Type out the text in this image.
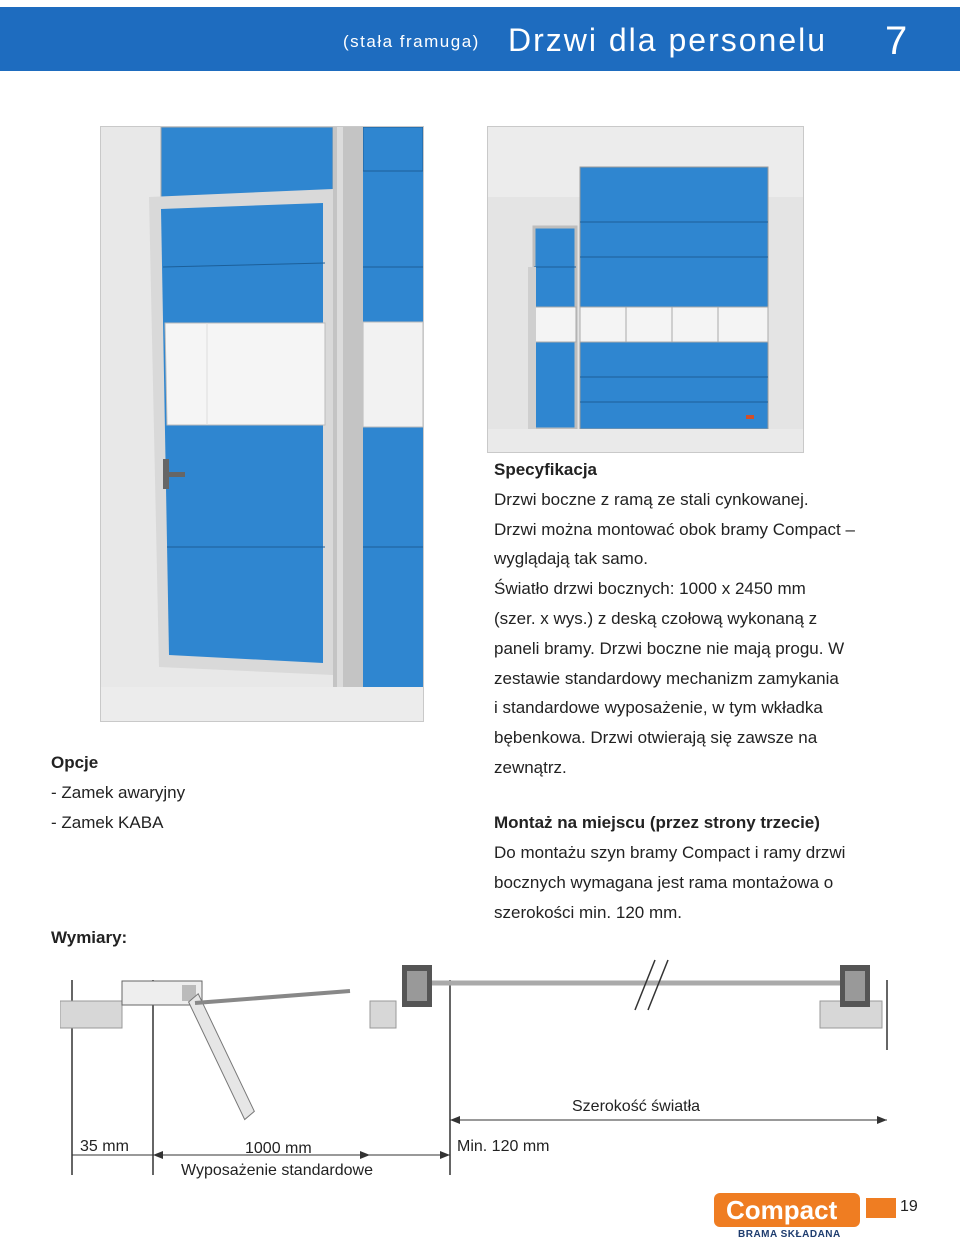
(stała framuga) Drzwi dla personelu 7
Specyfikacja
Drzwi boczne z ramą ze stali cynkowanej.
Drzwi można montować obok bramy Compact –
wyglądają tak samo.
Światło drzwi bocznych: 1000 x 2450 mm
(szer. x wys.) z deską czołową wykonaną z
paneli bramy. Drzwi boczne nie mają progu. W
zestawie standardowy mechanizm zamykania
i standardowe wyposażenie, w tym wkładka
bębenkowa. Drzwi otwierają się zawsze na
zewnątrz.
Montaż na miejscu (przez strony trzecie)
Do montażu szyn bramy Compact i ramy drzwi
bocznych wymagana jest rama montażowa o
szerokości min. 120 mm.
Opcje
- Zamek awaryjny
- Zamek KABA
Wymiary:
Szerokość światła
35 mm	1000 mm
Wyposażenie standardowe
Min. 120 mm
Compact
BRAMA SKŁADANA
19
